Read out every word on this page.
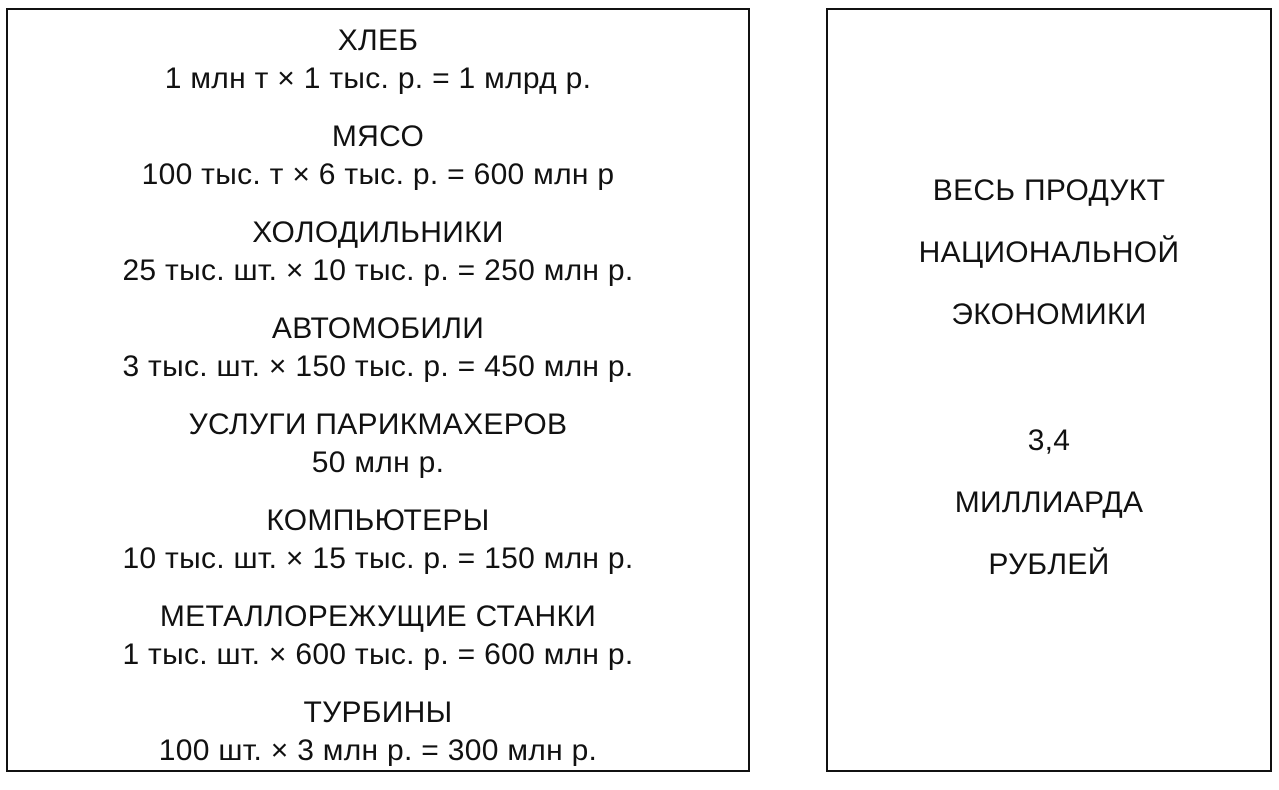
ХЛЕБ
1 млн т × 1 тыс. р. = 1 млрд р.
МЯСО
100 тыс. т × 6 тыс. р. = 600 млн р
ХОЛОДИЛЬНИКИ
25 тыс. шт. × 10 тыс. р. = 250 млн р.
АВТОМОБИЛИ
3 тыс. шт. × 150 тыс. р. = 450 млн р.
УСЛУГИ ПАРИКМАХЕРОВ
50 млн р.
КОМПЬЮТЕРЫ
10 тыс. шт. × 15 тыс. р. = 150 млн р.
МЕТАЛЛОРЕЖУЩИЕ СТАНКИ
1 тыс. шт. × 600 тыс. р. = 600 млн р.
ТУРБИНЫ
100 шт. × 3 млн р. = 300 млн р.
ВЕСЬ ПРОДУКТ
НАЦИОНАЛЬНОЙ
ЭКОНОМИКИ
3,4
МИЛЛИАРДА
РУБЛЕЙ
